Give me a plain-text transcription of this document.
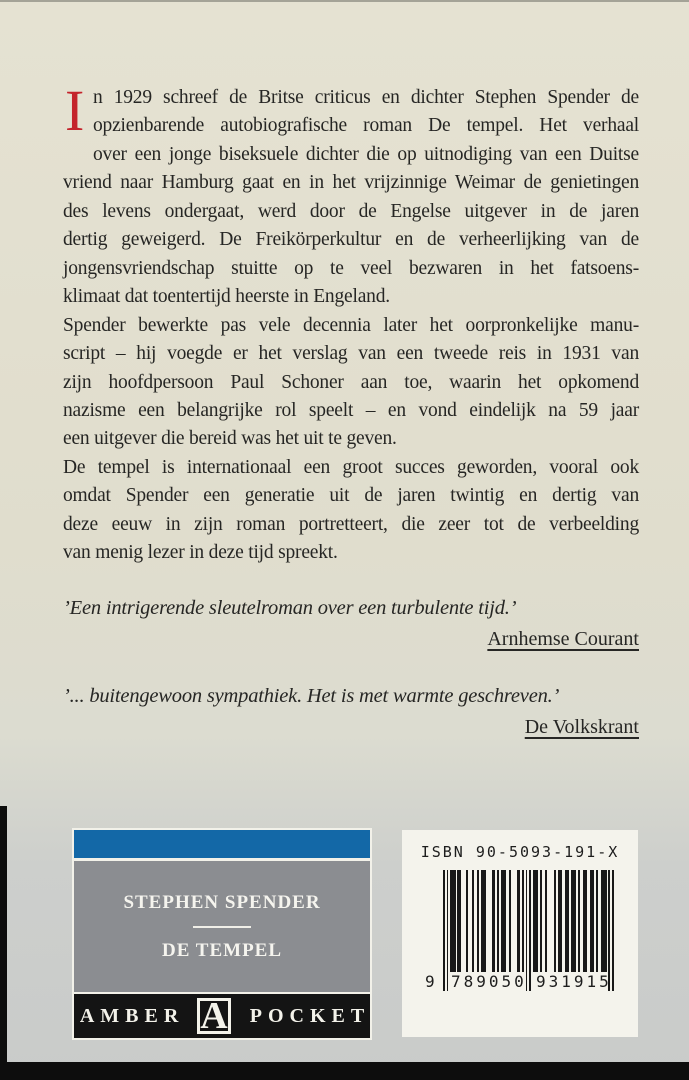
I n 1929 schreef de Britse criticus en dichter Stephen Spender de
opzienbarende autobiografische roman De tempel. Het verhaal
over een jonge biseksuele dichter die op uitnodiging van een Duitse
vriend naar Hamburg gaat en in het vrijzinnige Weimar de genietingen
des levens ondergaat, werd door de Engelse uitgever in de jaren
dertig geweigerd. De Freikörperkultur en de verheerlijking van de
jongensvriendschap stuitte op te veel bezwaren in het fatsoens-
klimaat dat toentertijd heerste in Engeland.
Spender bewerkte pas vele decennia later het oorpronkelijke manu-
script – hij voegde er het verslag van een tweede reis in 1931 van
zijn hoofdpersoon Paul Schoner aan toe, waarin het opkomend
nazisme een belangrijke rol speelt – en vond eindelijk na 59 jaar
een uitgever die bereid was het uit te geven.
De tempel is internationaal een groot succes geworden, vooral ook
omdat Spender een generatie uit de jaren twintig en dertig van
deze eeuw in zijn roman portretteert, die zeer tot de verbeelding
van menig lezer in deze tijd spreekt.
’Een intrigerende sleutelroman over een turbulente tijd.’
Arnhemse Courant
’... buitengewoon sympathiek. Het is met warmte geschreven.’
De Volkskrant
STEPHEN SPENDER
DE TEMPEL
AMBER A	POCKET
ISBN 90-5093-191-X
9 789050 931915
